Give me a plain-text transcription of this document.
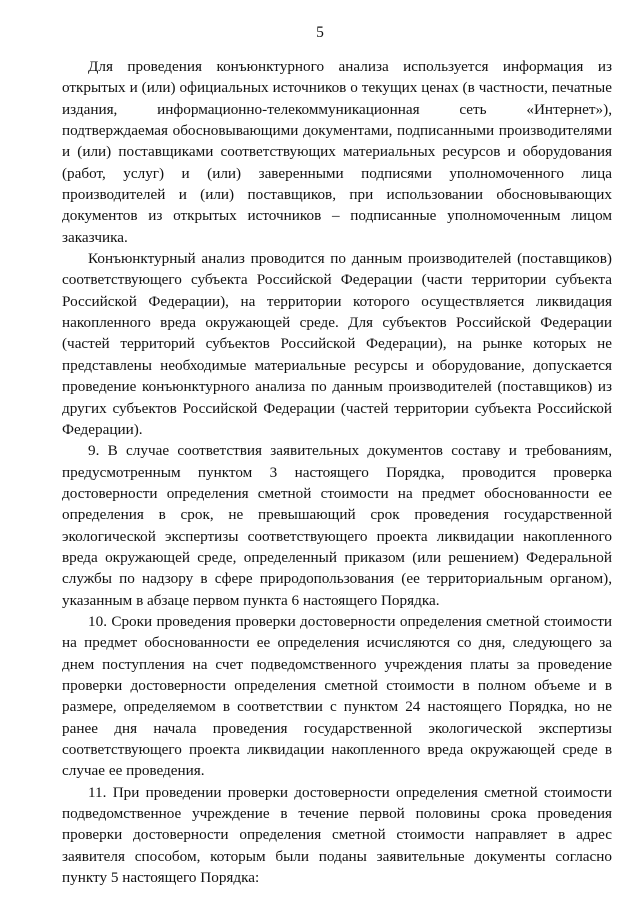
5

Для проведения конъюнктурного анализа используется информация из открытых и (или) официальных источников о текущих ценах (в частности, печатные издания, информационно-телекоммуникационная сеть «Интернет»), подтверждаемая обосновывающими документами, подписанными производителями и (или) поставщиками соответствующих материальных ресурсов и оборудования (работ, услуг) и (или) заверенными подписями уполномоченного лица производителей и (или) поставщиков, при использовании обосновывающих документов из открытых источников – подписанные уполномоченным лицом заказчика.

Конъюнктурный анализ проводится по данным производителей (поставщиков) соответствующего субъекта Российской Федерации (части территории субъекта Российской Федерации), на территории которого осуществляется ликвидация накопленного вреда окружающей среде. Для субъектов Российской Федерации (частей территорий субъектов Российской Федерации), на рынке которых не представлены необходимые материальные ресурсы и оборудование, допускается проведение конъюнктурного анализа по данным производителей (поставщиков) из других субъектов Российской Федерации (частей территории субъекта Российской Федерации).

9. В случае соответствия заявительных документов составу и требованиям, предусмотренным пунктом 3 настоящего Порядка, проводится проверка достоверности определения сметной стоимости на предмет обоснованности ее определения в срок, не превышающий срок проведения государственной экологической экспертизы соответствующего проекта ликвидации накопленного вреда окружающей среде, определенный приказом (или решением) Федеральной службы по надзору в сфере природопользования (ее территориальным органом), указанным в абзаце первом пункта 6 настоящего Порядка.

10. Сроки проведения проверки достоверности определения сметной стоимости на предмет обоснованности ее определения исчисляются со дня, следующего за днем поступления на счет подведомственного учреждения платы за проведение проверки достоверности определения сметной стоимости в полном объеме и в размере, определяемом в соответствии с пунктом 24 настоящего Порядка, но не ранее дня начала проведения государственной экологической экспертизы соответствующего проекта ликвидации накопленного вреда окружающей среде в случае ее проведения.

11. При проведении проверки достоверности определения сметной стоимости подведомственное учреждение в течение первой половины срока проведения проверки достоверности определения сметной стоимости направляет в адрес заявителя способом, которым были поданы заявительные документы согласно пункту 5 настоящего Порядка:
